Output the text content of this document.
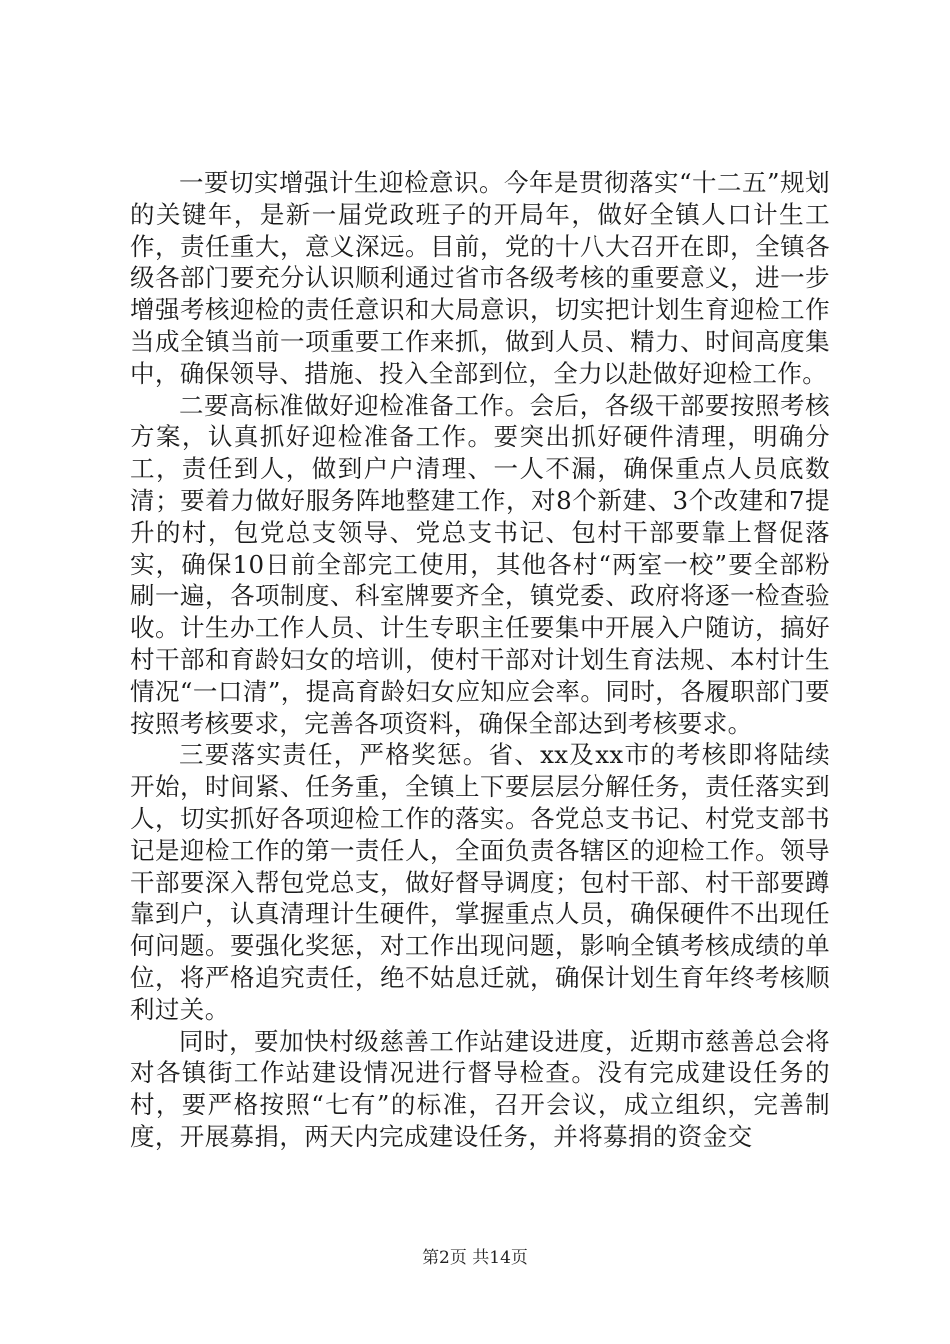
一要切实增强计生迎检意识。今年是贯彻落实“十二五”规划的关键年，是新一届党政班子的开局年，做好全镇人口计生工作，责任重大，意义深远。目前，党的十八大召开在即，全镇各级各部门要充分认识顺利通过省市各级考核的重要意义，进一步增强考核迎检的责任意识和大局意识，切实把计划生育迎检工作当成全镇当前一项重要工作来抓，做到人员、精力、时间高度集中，确保领导、措施、投入全部到位，全力以赴做好迎检工作。

二要高标准做好迎检准备工作。会后，各级干部要按照考核方案，认真抓好迎检准备工作。要突出抓好硬件清理，明确分工，责任到人，做到户户清理、一人不漏，确保重点人员底数清；要着力做好服务阵地整建工作，对8个新建、3个改建和7提升的村，包党总支领导、党总支书记、包村干部要靠上督促落实，确保10日前全部完工使用，其他各村“两室一校”要全部粉刷一遍，各项制度、科室牌要齐全，镇党委、政府将逐一检查验收。计生办工作人员、计生专职主任要集中开展入户随访，搞好村干部和育龄妇女的培训，使村干部对计划生育法规、本村计生情况“一口清”，提高育龄妇女应知应会率。同时，各履职部门要按照考核要求，完善各项资料，确保全部达到考核要求。

三要落实责任，严格奖惩。省、xx及xx市的考核即将陆续开始，时间紧、任务重，全镇上下要层层分解任务，责任落实到人，切实抓好各项迎检工作的落实。各党总支书记、村党支部书记是迎检工作的第一责任人，全面负责各辖区的迎检工作。领导干部要深入帮包党总支，做好督导调度；包村干部、村干部要蹲靠到户，认真清理计生硬件，掌握重点人员，确保硬件不出现任何问题。要强化奖惩，对工作出现问题，影响全镇考核成绩的单位，将严格追究责任，绝不姑息迁就，确保计划生育年终考核顺利过关。

同时，要加快村级慈善工作站建设进度，近期市慈善总会将对各镇街工作站建设情况进行督导检查。没有完成建设任务的村，要严格按照“七有”的标准，召开会议，成立组织，完善制度，开展募捐，两天内完成建设任务，并将募捐的资金交

第2页 共14页
